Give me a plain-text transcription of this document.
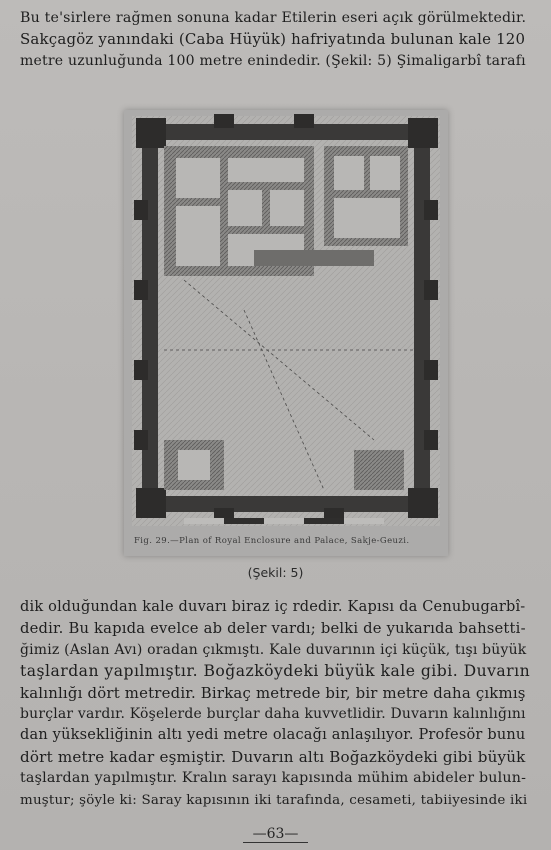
Bu te'sirlere rağmen sonuna kadar Etilerin eseri açık görülmektedir.
Sakçagöz yanındaki (Caba Hüyük) hafriyatında bulunan kale 120
metre uzunluğunda 100 metre enindedir. (Şekil: 5) Şimaligarbî tarafı
Fig. 29.—Plan of Royal Enclosure and Palace, Sakje-Geuzi.
(Şekil: 5)
dik olduğundan kale duvarı biraz iç rdedir. Kapısı da Cenubugarbî-
dedir. Bu kapıda evelce ab deler vardı; belki de yukarıda bahsetti-
ğimiz (Aslan Avı) oradan çıkmıştı. Kale duvarının içi küçük, tışı büyük
taşlardan yapılmıştır. Boğazköydeki büyük kale gibi. Duvarın
kalınlığı dört metredir. Birkaç metrede bir, bir metre daha çıkmış
burçlar vardır. Köşelerde burçlar daha kuvvetlidir. Duvarın kalınlığını
dan yüksekliğinin altı yedi metre olacağı anlaşılıyor. Profesör bunu
dört metre kadar eşmiştir. Duvarın altı Boğazköydeki gibi büyük
taşlardan yapılmıştır. Kralın sarayı kapısında mühim abideler bulun-
muştur; şöyle ki: Saray kapısının iki tarafında, cesameti, tabiiyesinde iki
—63—
